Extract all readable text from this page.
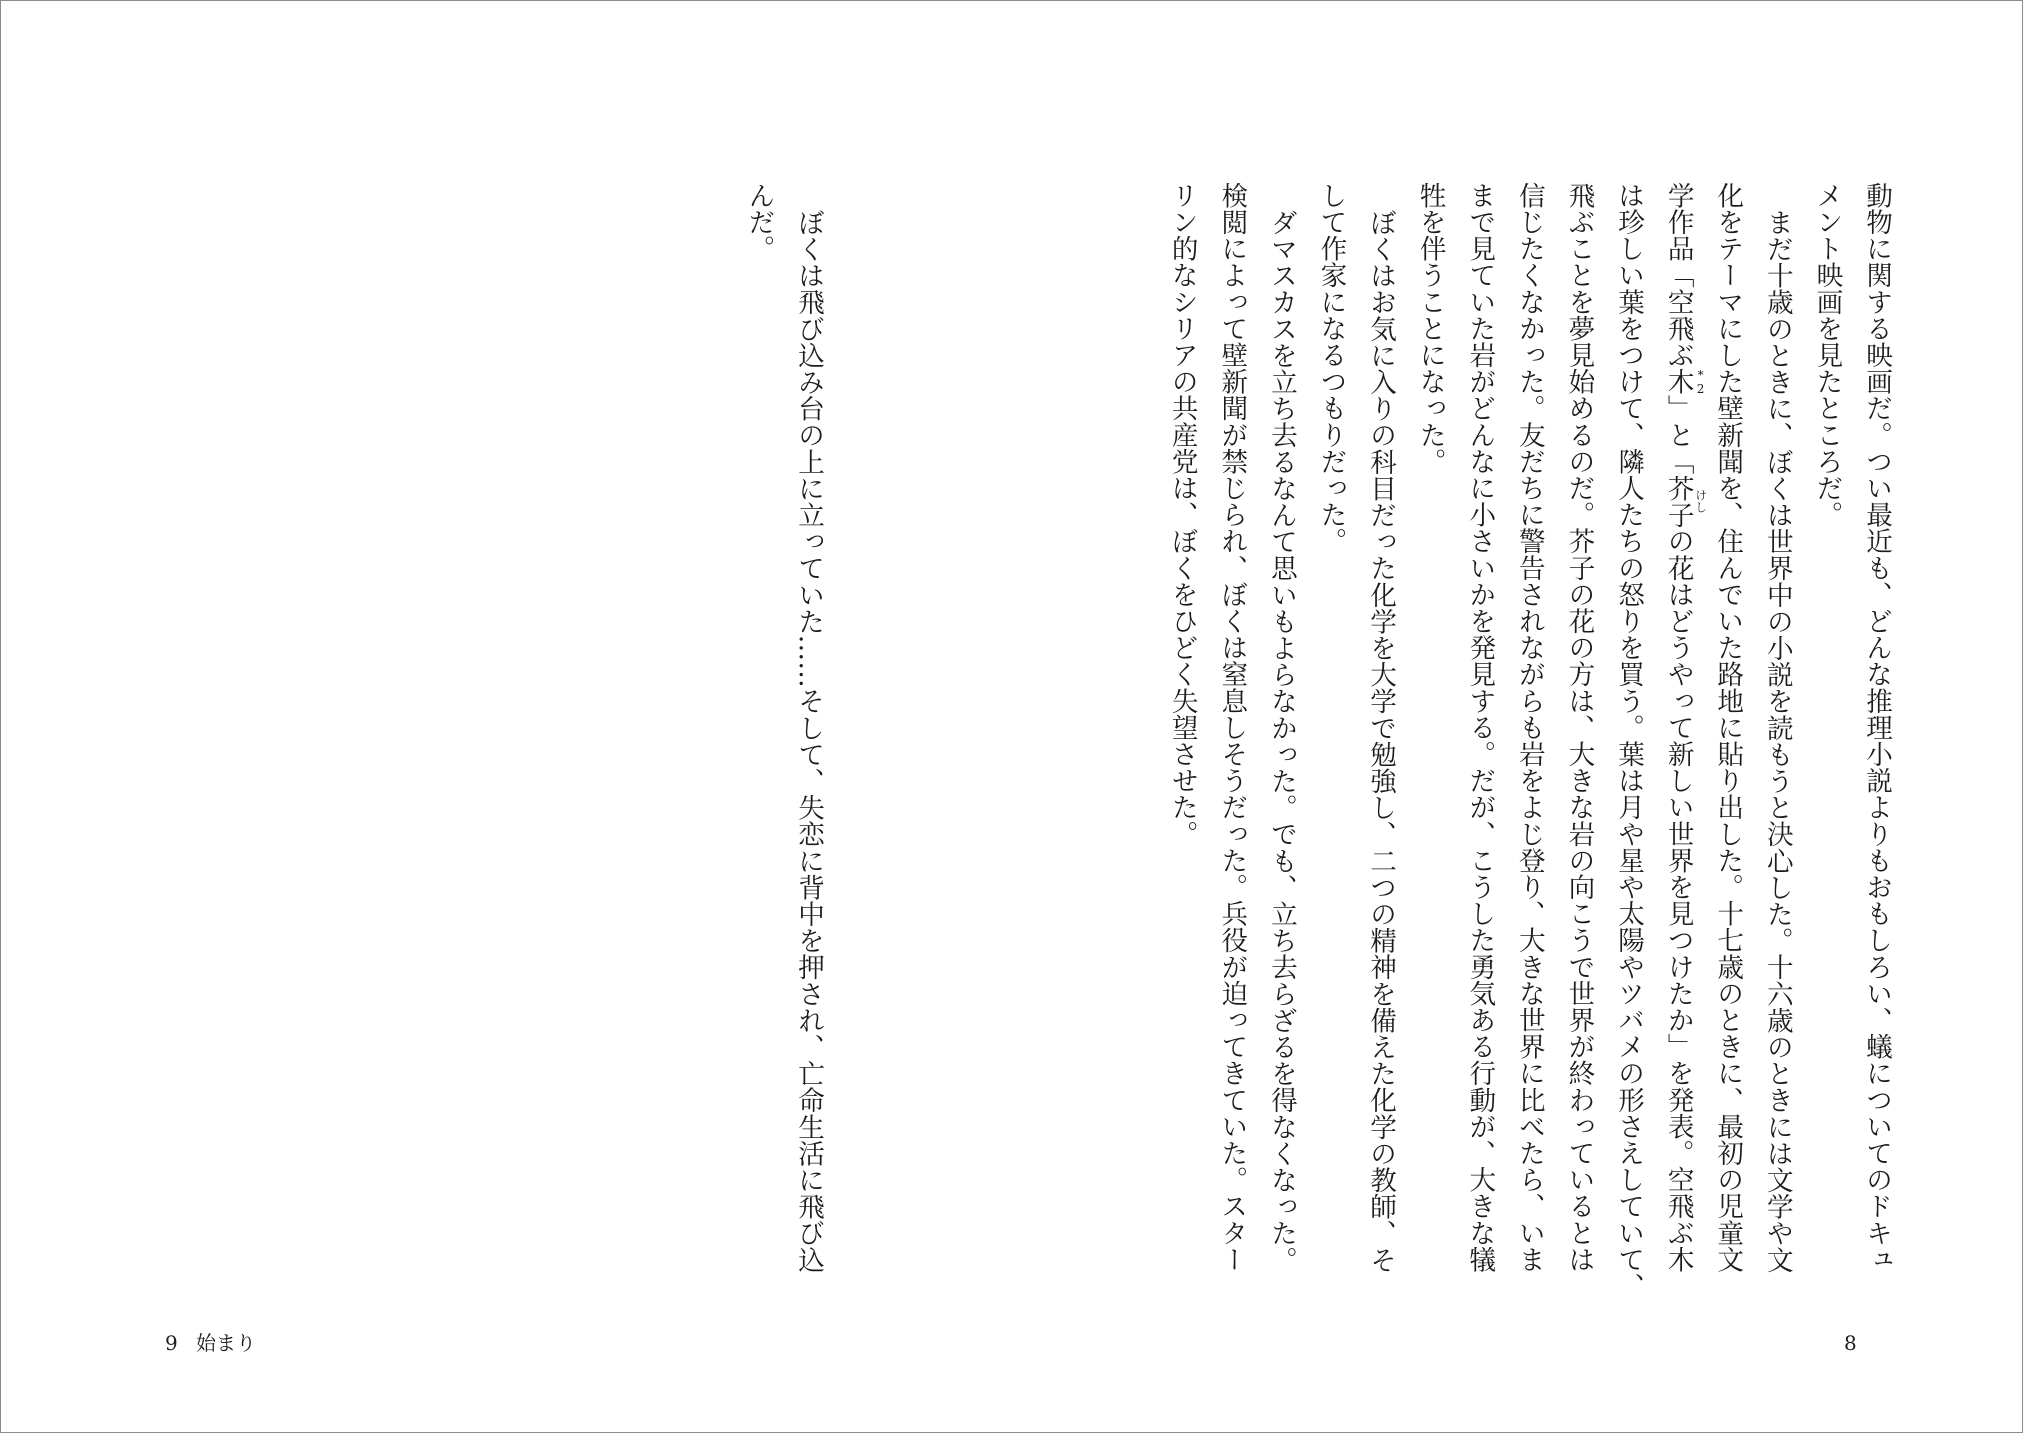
動物に関する映画だ。つい最近も、どんな推理小説よりもおもしろい、蟻についてのドキュ
メント映画を見たところだ。
まだ十歳のときに、ぼくは世界中の小説を読もうと決心した。十六歳のときには文学や文
化をテーマにした壁新聞を、住んでいた路地に貼り出した。十七歳のときに、最初の児童文
学作品「空飛ぶ木 *2
」と「芥子 けし
の花はどうやって新しい世界を見つけたか」を発表。空飛ぶ木
は珍しい葉をつけて、隣人たちの怒りを買う。葉は月や星や太陽やツバメの形さえしていて、
飛ぶことを夢見始めるのだ。芥子の花の方は、大きな岩の向こうで世界が終わっているとは
信じたくなかった。友だちに警告されながらも岩をよじ登り、大きな世界に比べたら、いま
まで見ていた岩がどんなに小さいかを発見する。だが、こうした勇気ある行動が、大きな犠
牲を伴うことになった。
ぼくはお気に入りの科目だった化学を大学で勉強し、二つの精神を備えた化学の教師、そ
して作家になるつもりだった。
ダマスカスを立ち去るなんて思いもよらなかった。でも、立ち去らざるを得なくなった。
検閲によって壁新聞が禁じられ、ぼくは窒息しそうだった。兵役が迫ってきていた。スター
リン的なシリアの共産党は、ぼくをひどく失望させた。
ぼくは飛び込み台の上に立っていた……そして、失恋に背中を押され、亡命生活に飛び込
んだ。
9 始まり	8
